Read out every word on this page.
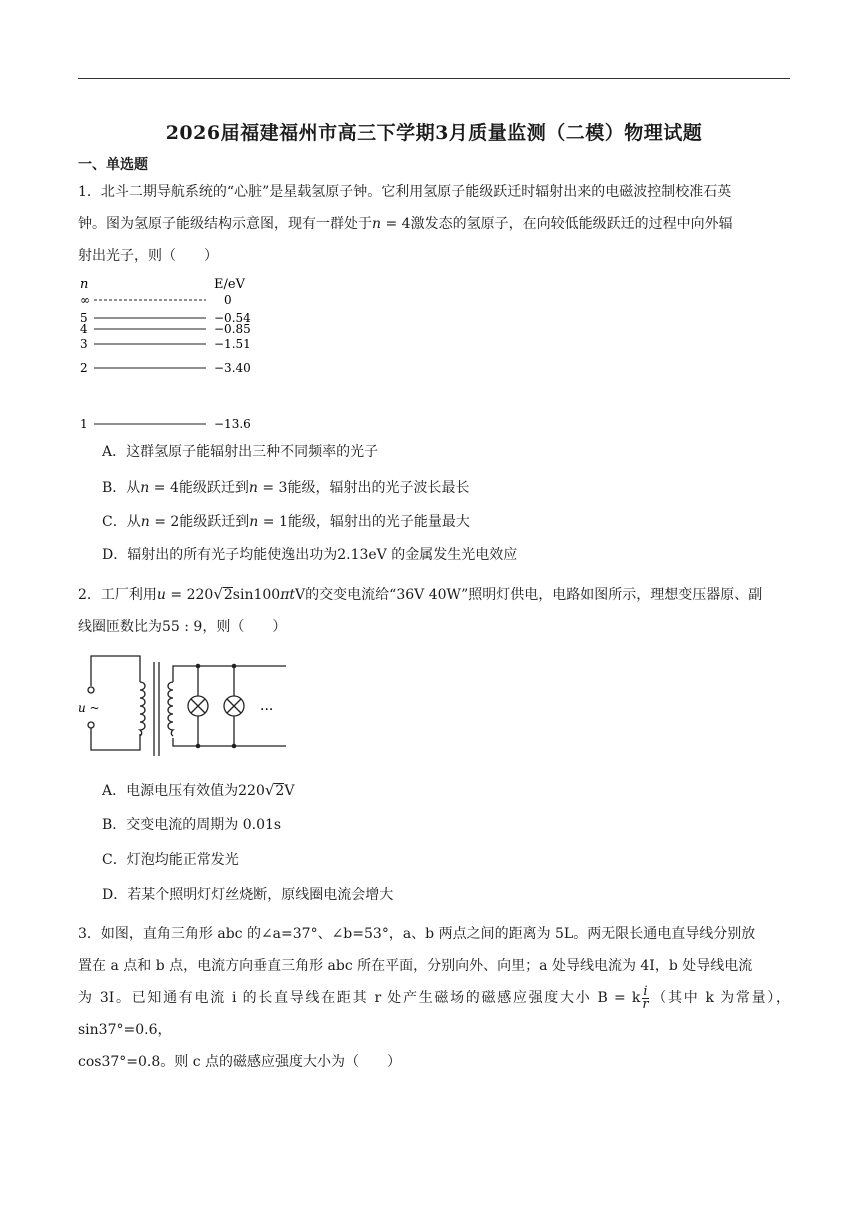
2026届福建福州市高三下学期3月质量监测（二模）物理试题
一、单选题
1．北斗二期导航系统的“心脏”是星载氢原子钟。它利用氢原子能级跃迁时辐射出来的电磁波控制校准石英
钟。图为氢原子能级结构示意图，现有一群处于n = 4激发态的氢原子，在向较低能级跃迁的过程中向外辐
射出光子，则（　　）
n	E/eV
∞	0
5	−0.54
4	−0.85
3	−1.51
2	−3.40
1	−13.6
A．这群氢原子能辐射出三种不同频率的光子
B．从n = 4能级跃迁到n = 3能级，辐射出的光子波长最长
C．从n = 2能级跃迁到n = 1能级，辐射出的光子能量最大
D．辐射出的所有光子均能使逸出功为2.13eV 的金属发生光电效应
2．工厂利用u = 220√2sin100πtV的交变电流给“36V 40W”照明灯供电，电路如图所示，理想变压器原、副
线圈匝数比为55 : 9，则（　　）
u ~	···
A．电源电压有效值为220√2V
B．交变电流的周期为 0.01s
C．灯泡均能正常发光
D．若某个照明灯灯丝烧断，原线圈电流会增大
3．如图，直角三角形 abc 的∠a=37°、∠b=53°，a、b 两点之间的距离为 5L。两无限长通电直导线分别放
置在 a 点和 b 点，电流方向垂直三角形 abc 所在平面，分别向外、向里；a 处导线电流为 4I，b 处导线电流
为 3I。已知通有电流 i 的长直导线在距其 r 处产生磁场的磁感应强度大小 B = k $\frac{i}{r}$ （其中 k 为常量），sin37°=0.6，
cos37°=0.8。则 c 点的磁感应强度大小为（　　）
